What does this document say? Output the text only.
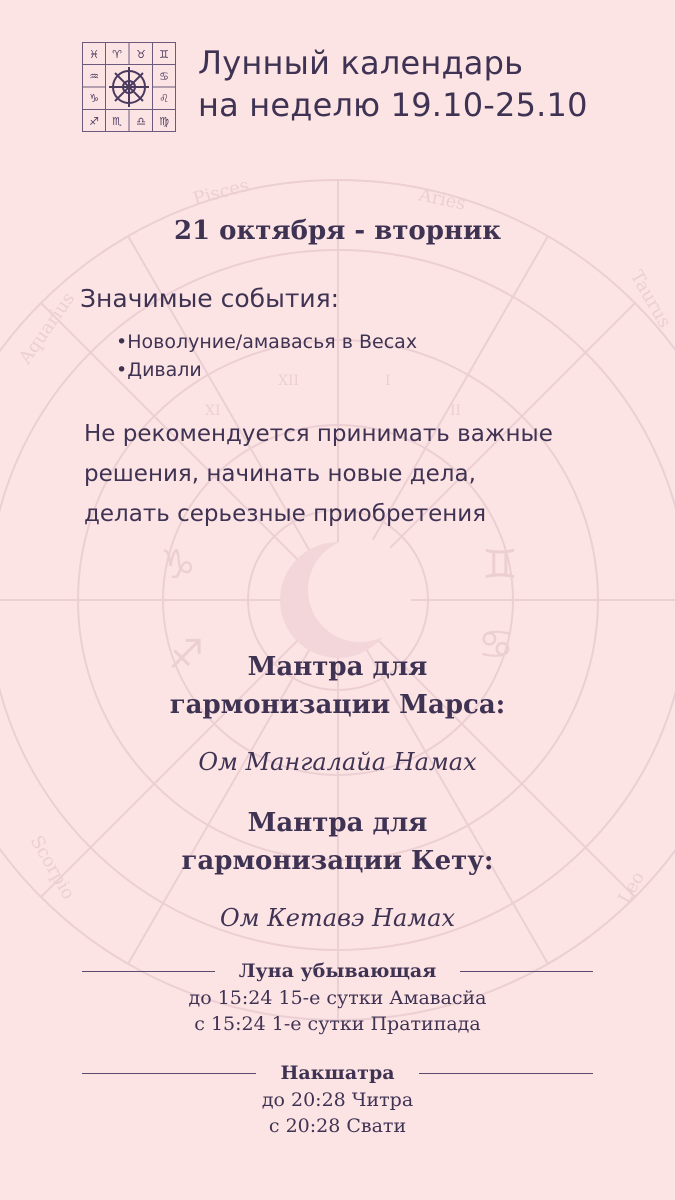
Pisces	Aries
Taurus
Aquarius
Scorpio	Leo
XII	I
XI	II
♑	♊
♐	♋
♓ ♈ ♉ ♊
♒	♋
♑	♌
♐ ♏ ♎ ♍
Лунный календарь
на неделю 19.10-25.10
21 октября - вторник
Значимые события:
• Новолуние/амавасья в Весах
• Дивали
Не рекомендуется принимать важные
решения, начинать новые дела,
делать серьезные приобретения
Мантра для
гармонизации Марса:
Ом Мангалайа Намах
Мантра для
гармонизации Кету:
Ом Кетавэ Намах
Луна убывающая
до 15:24 15-е сутки Амавасйа
с 15:24 1-е сутки Пратипада
Накшатра
до 20:28 Читра
с 20:28 Свати
